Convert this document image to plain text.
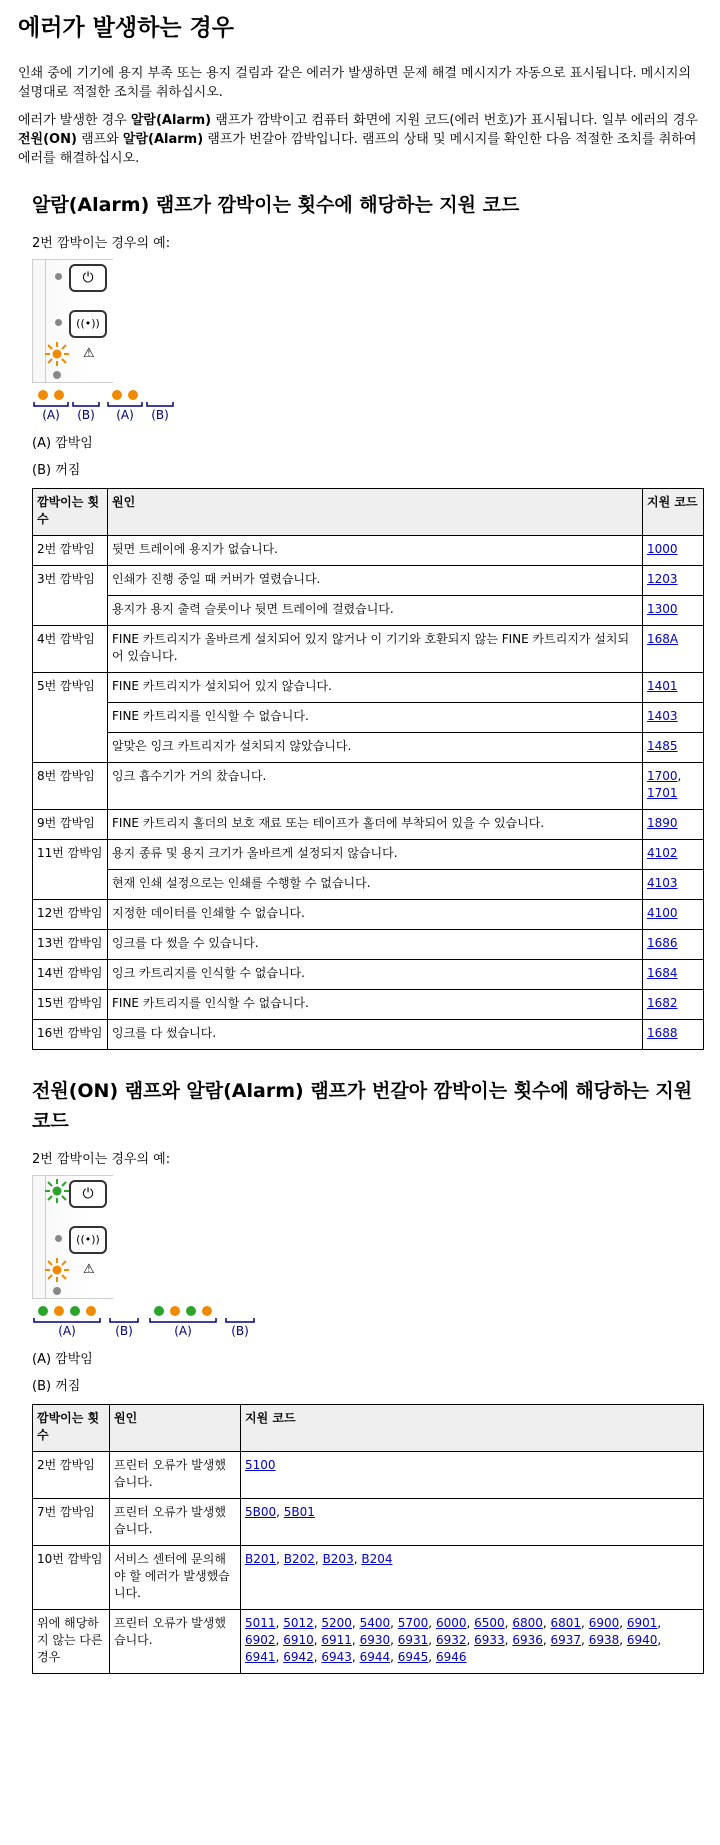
에러가 발생하는 경우

인쇄 중에 기기에 용지 부족 또는 용지 걸림과 같은 에러가 발생하면 문제 해결 메시지가 자동으로 표시됩니다. 메시지의 설명대로 적절한 조치를 취하십시오.

에러가 발생한 경우 알람(Alarm) 램프가 깜박이고 컴퓨터 화면에 지원 코드(에러 번호)가 표시됩니다. 일부 에러의 경우 전원(ON) 램프와 알람(Alarm) 램프가 번갈아 깜박입니다. 램프의 상태 및 메시지를 확인한 다음 적절한 조치를 취하여 에러를 해결하십시오.

알람(Alarm) 램프가 깜박이는 횟수에 해당하는 지원 코드
2번 깜박이는 경우의 예:
⏻
((•))
⚠
(A) (B) (A) (B)
(A) 깜박임
(B) 꺼짐
깜박이는 횟수	원인	지원 코드
2번 깜박임	뒷면 트레이에 용지가 없습니다.	1000
3번 깜박임	인쇄가 진행 중일 때 커버가 열렸습니다.	1203
	용지가 용지 출력 슬롯이나 뒷면 트레이에 걸렸습니다.	1300
4번 깜박임	FINE 카트리지가 올바르게 설치되어 있지 않거나 이 기기와 호환되지 않는 FINE 카트리지가 설치되어 있습니다.	168A
5번 깜박임	FINE 카트리지가 설치되어 있지 않습니다.	1401
	FINE 카트리지를 인식할 수 없습니다.	1403
	알맞은 잉크 카트리지가 설치되지 않았습니다.	1485
8번 깜박임	잉크 흡수기가 거의 찼습니다.	1700, 1701
9번 깜박임	FINE 카트리지 홀더의 보호 재료 또는 테이프가 홀더에 부착되어 있을 수 있습니다.	1890
11번 깜박임	용지 종류 및 용지 크기가 올바르게 설정되지 않습니다.	4102
	현재 인쇄 설정으로는 인쇄를 수행할 수 없습니다.	4103
12번 깜박임	지정한 데이터를 인쇄할 수 없습니다.	4100
13번 깜박임	잉크를 다 썼을 수 있습니다.	1686
14번 깜박임	잉크 카트리지를 인식할 수 없습니다.	1684
15번 깜박임	FINE 카트리지를 인식할 수 없습니다.	1682
16번 깜박임	잉크를 다 썼습니다.	1688
전원(ON) 램프와 알람(Alarm) 램프가 번갈아 깜박이는 횟수에 해당하는 지원 코드
2번 깜박이는 경우의 예:
⏻
((•))
⚠
(A)	(B)	(A)	(B)
(A) 깜박임
(B) 꺼짐
깜박이는 횟수	원인	지원 코드
2번 깜박임	프린터 오류가 발생했습니다.	5100
7번 깜박임	프린터 오류가 발생했습니다.	5B00, 5B01
10번 깜박임	서비스 센터에 문의해야 할 에러가 발생했습니다.	B201, B202, B203, B204
위에 해당하지 않는 다른 경우	프린터 오류가 발생했습니다.	5011, 5012, 5200, 5400, 5700, 6000, 6500, 6800, 6801, 6900, 6901, 6902, 6910, 6911, 6930, 6931, 6932, 6933, 6936, 6937, 6938, 6940, 6941, 6942, 6943, 6944, 6945, 6946
